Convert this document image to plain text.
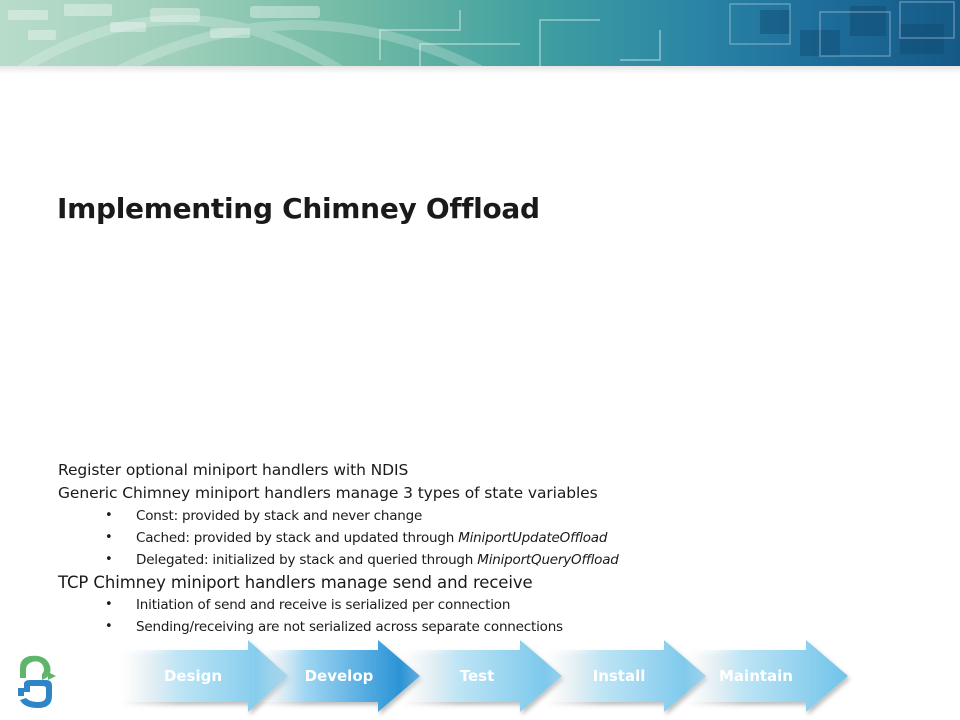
Implementing Chimney Offload
Register optional miniport handlers with NDIS
Generic Chimney miniport handlers manage 3 types of state variables
• Const: provided by stack and never change
• Cached: provided by stack and updated through MiniportUpdateOffload
• Delegated: initialized by stack and queried through MiniportQueryOffload
TCP Chimney miniport handlers manage send and receive
• Initiation of send and receive is serialized per connection
• Sending/receiving are not serialized across separate connections
Design	Develop	Test	Install	Maintain
